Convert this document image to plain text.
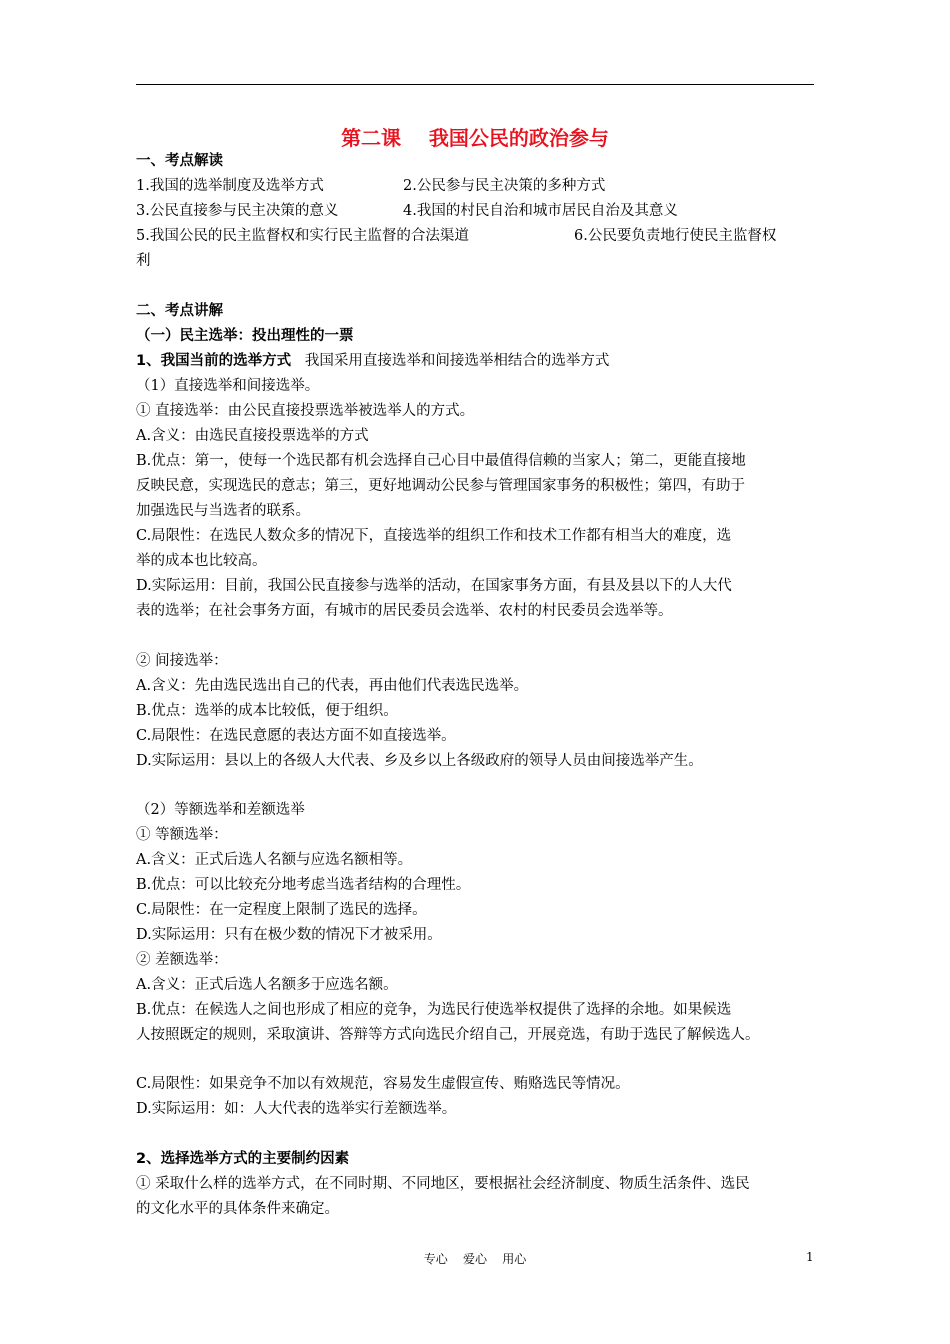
第二课    我国公民的政治参与
一、考点解读
1.我国的选举制度及选举方式	2.公民参与民主决策的多种方式
3.公民直接参与民主决策的意义	4.我国的村民自治和城市居民自治及其意义
5.我国公民的民主监督权和实行民主监督的合法渠道	6.公民要负责地行使民主监督权
利
二、考点讲解
（一）民主选举：投出理性的一票
1、我国当前的选举方式 我国采用直接选举和间接选举相结合的选举方式
（1）直接选举和间接选举。
① 直接选举：由公民直接投票选举被选举人的方式。
A.含义：由选民直接投票选举的方式
B.优点：第一，使每一个选民都有机会选择自己心目中最值得信赖的当家人；第二，更能直接地
反映民意，实现选民的意志；第三，更好地调动公民参与管理国家事务的积极性；第四，有助于
加强选民与当选者的联系。
C.局限性：在选民人数众多的情况下，直接选举的组织工作和技术工作都有相当大的难度，选
举的成本也比较高。
D.实际运用：目前，我国公民直接参与选举的活动，在国家事务方面，有县及县以下的人大代
表的选举；在社会事务方面，有城市的居民委员会选举、农村的村民委员会选举等。
② 间接选举：
A.含义：先由选民选出自己的代表，再由他们代表选民选举。
B.优点：选举的成本比较低，便于组织。
C.局限性：在选民意愿的表达方面不如直接选举。
D.实际运用：县以上的各级人大代表、乡及乡以上各级政府的领导人员由间接选举产生。
（2）等额选举和差额选举
① 等额选举：
A.含义：正式后选人名额与应选名额相等。
B.优点：可以比较充分地考虑当选者结构的合理性。
C.局限性：在一定程度上限制了选民的选择。
D.实际运用：只有在极少数的情况下才被采用。
② 差额选举：
A.含义：正式后选人名额多于应选名额。
B.优点：在候选人之间也形成了相应的竞争，为选民行使选举权提供了选择的余地。如果候选
人按照既定的规则，采取演讲、答辩等方式向选民介绍自己，开展竞选，有助于选民了解候选人。
C.局限性：如果竞争不加以有效规范，容易发生虚假宣传、贿赂选民等情况。
D.实际运用：如：人大代表的选举实行差额选举。
2、选择选举方式的主要制约因素
① 采取什么样的选举方式，在不同时期、不同地区，要根据社会经济制度、物质生活条件、选民
的文化水平的具体条件来确定。
专心    爱心    用心	1
